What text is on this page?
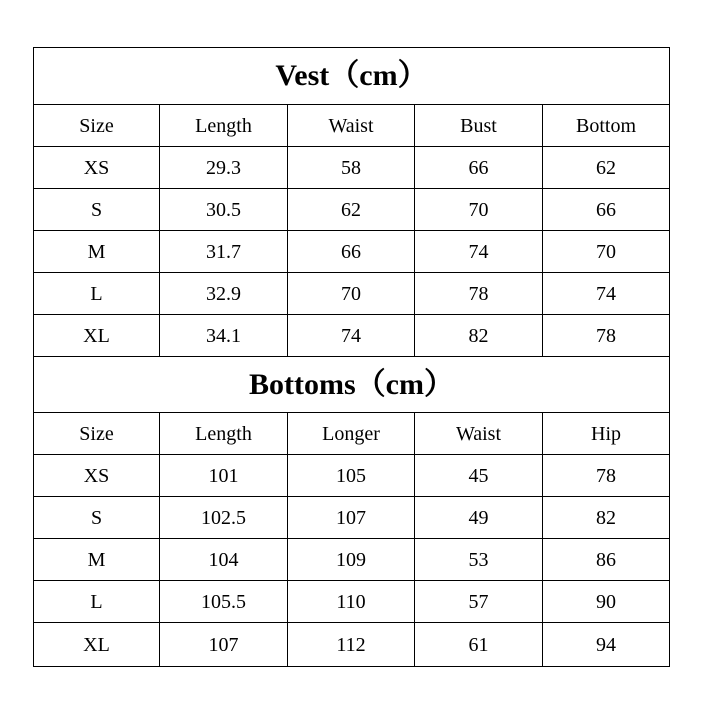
Vest（cm）				
Size	Length	Waist	Bust	Bottom
XS	29.3	58	66	62
S	30.5	62	70	66
M	31.7	66	74	70
L	32.9	70	78	74
XL	34.1	74	82	78
Bottoms（cm）				
Size	Length	Longer	Waist	Hip
XS	101	105	45	78
S	102.5	107	49	82
M	104	109	53	86
L	105.5	110	57	90
XL	107	112	61	94
